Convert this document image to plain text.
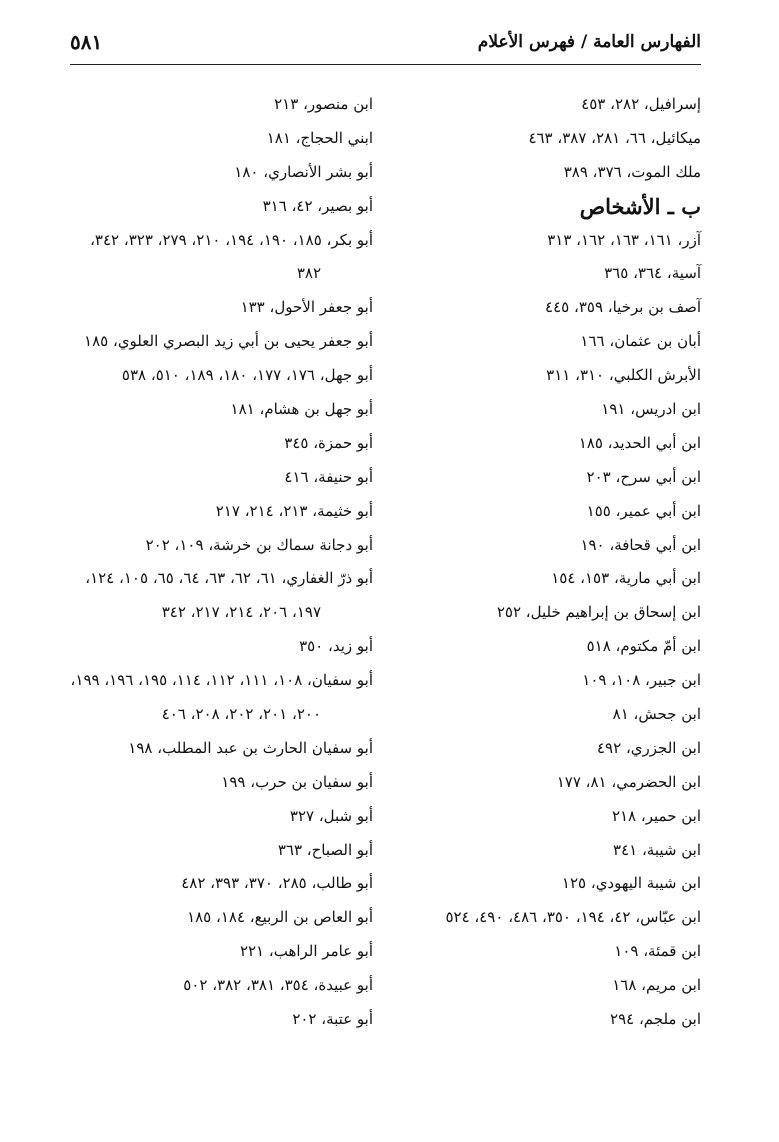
الفهارس العامة / فهرس الأعلام
٥٨١
إسرافيل، ٢٨٢، ٤٥٣
ميكائيل، ٦٦، ٢٨١، ٣٨٧، ٤٦٣
ملك الموت، ٣٧٦، ٣٨٩
ب ـ الأشخاص
آزر، ١٦١، ١٦٣، ١٦٢، ٣١٣
آسية، ٣٦٤، ٣٦٥
آصف بن برخيا، ٣٥٩، ٤٤٥
أبان بن عثمان، ١٦٦
الأبرش الكلبي، ٣١٠، ٣١١
ابن ادريس، ١٩١
ابن أبي الحديد، ١٨٥
ابن أبي سرح، ٢٠٣
ابن أبي عمير، ١٥٥
ابن أبي قحافة، ١٩٠
ابن أبي مارية، ١٥٣، ١٥٤
ابن إسحاق بن إبراهيم خليل، ٢٥٢
ابن أمّ مكتوم، ٥١٨
ابن جبير، ١٠٨، ١٠٩
ابن جحش، ٨١
ابن الجزري، ٤٩٢
ابن الحضرمي، ٨١، ١٧٧
ابن حمير، ٢١٨
ابن شيبة، ٣٤١
ابن شيبة اليهودي، ١٢٥
ابن عبّاس، ٤٢، ١٩٤، ٣٥٠، ٤٨٦، ٤٩٠، ٥٢٤
ابن قمئة، ١٠٩
ابن مريم، ١٦٨
ابن ملجم، ٢٩٤
ابن منصور، ٢١٣
ابني الحجاج، ١٨١
أبو بشر الأنصاري، ١٨٠
أبو بصير، ٤٢، ٣١٦
أبو بكر، ١٨٥، ١٩٠، ١٩٤، ٢١٠، ٢٧٩، ٣٢٣، ٣٤٢،
٣٨٢
أبو جعفر الأحول، ١٣٣
أبو جعفر يحيى بن أبي زيد البصري العلوي، ١٨٥
أبو جهل، ١٧٦، ١٧٧، ١٨٠، ١٨٩، ٥١٠، ٥٣٨
أبو جهل بن هشام، ١٨١
أبو حمزة، ٣٤٥
أبو حنيفة، ٤١٦
أبو خثيمة، ٢١٣، ٢١٤، ٢١٧
أبو دجانة سماك بن خرشة، ١٠٩، ٢٠٢
أبو ذرّ الغفاري، ٦١، ٦٢، ٦٣، ٦٤، ٦٥، ١٠٥، ١٢٤،
١٩٧، ٢٠٦، ٢١٤، ٢١٧، ٣٤٢
أبو زيد، ٣٥٠
أبو سفيان، ١٠٨، ١١١، ١١٢، ١١٤، ١٩٥، ١٩٦، ١٩٩،
٢٠٠، ٢٠١، ٢٠٢، ٢٠٨، ٤٠٦
أبو سفيان الحارث بن عبد المطلب، ١٩٨
أبو سفيان بن حرب، ١٩٩
أبو شبل، ٣٢٧
أبو الصباح، ٣٦٣
أبو طالب، ٢٨٥، ٣٧٠، ٣٩٣، ٤٨٢
أبو العاص بن الربيع، ١٨٤، ١٨٥
أبو عامر الراهب، ٢٢١
أبو عبيدة، ٣٥٤، ٣٨١، ٣٨٢، ٥٠٢
أبو عتبة، ٢٠٢
